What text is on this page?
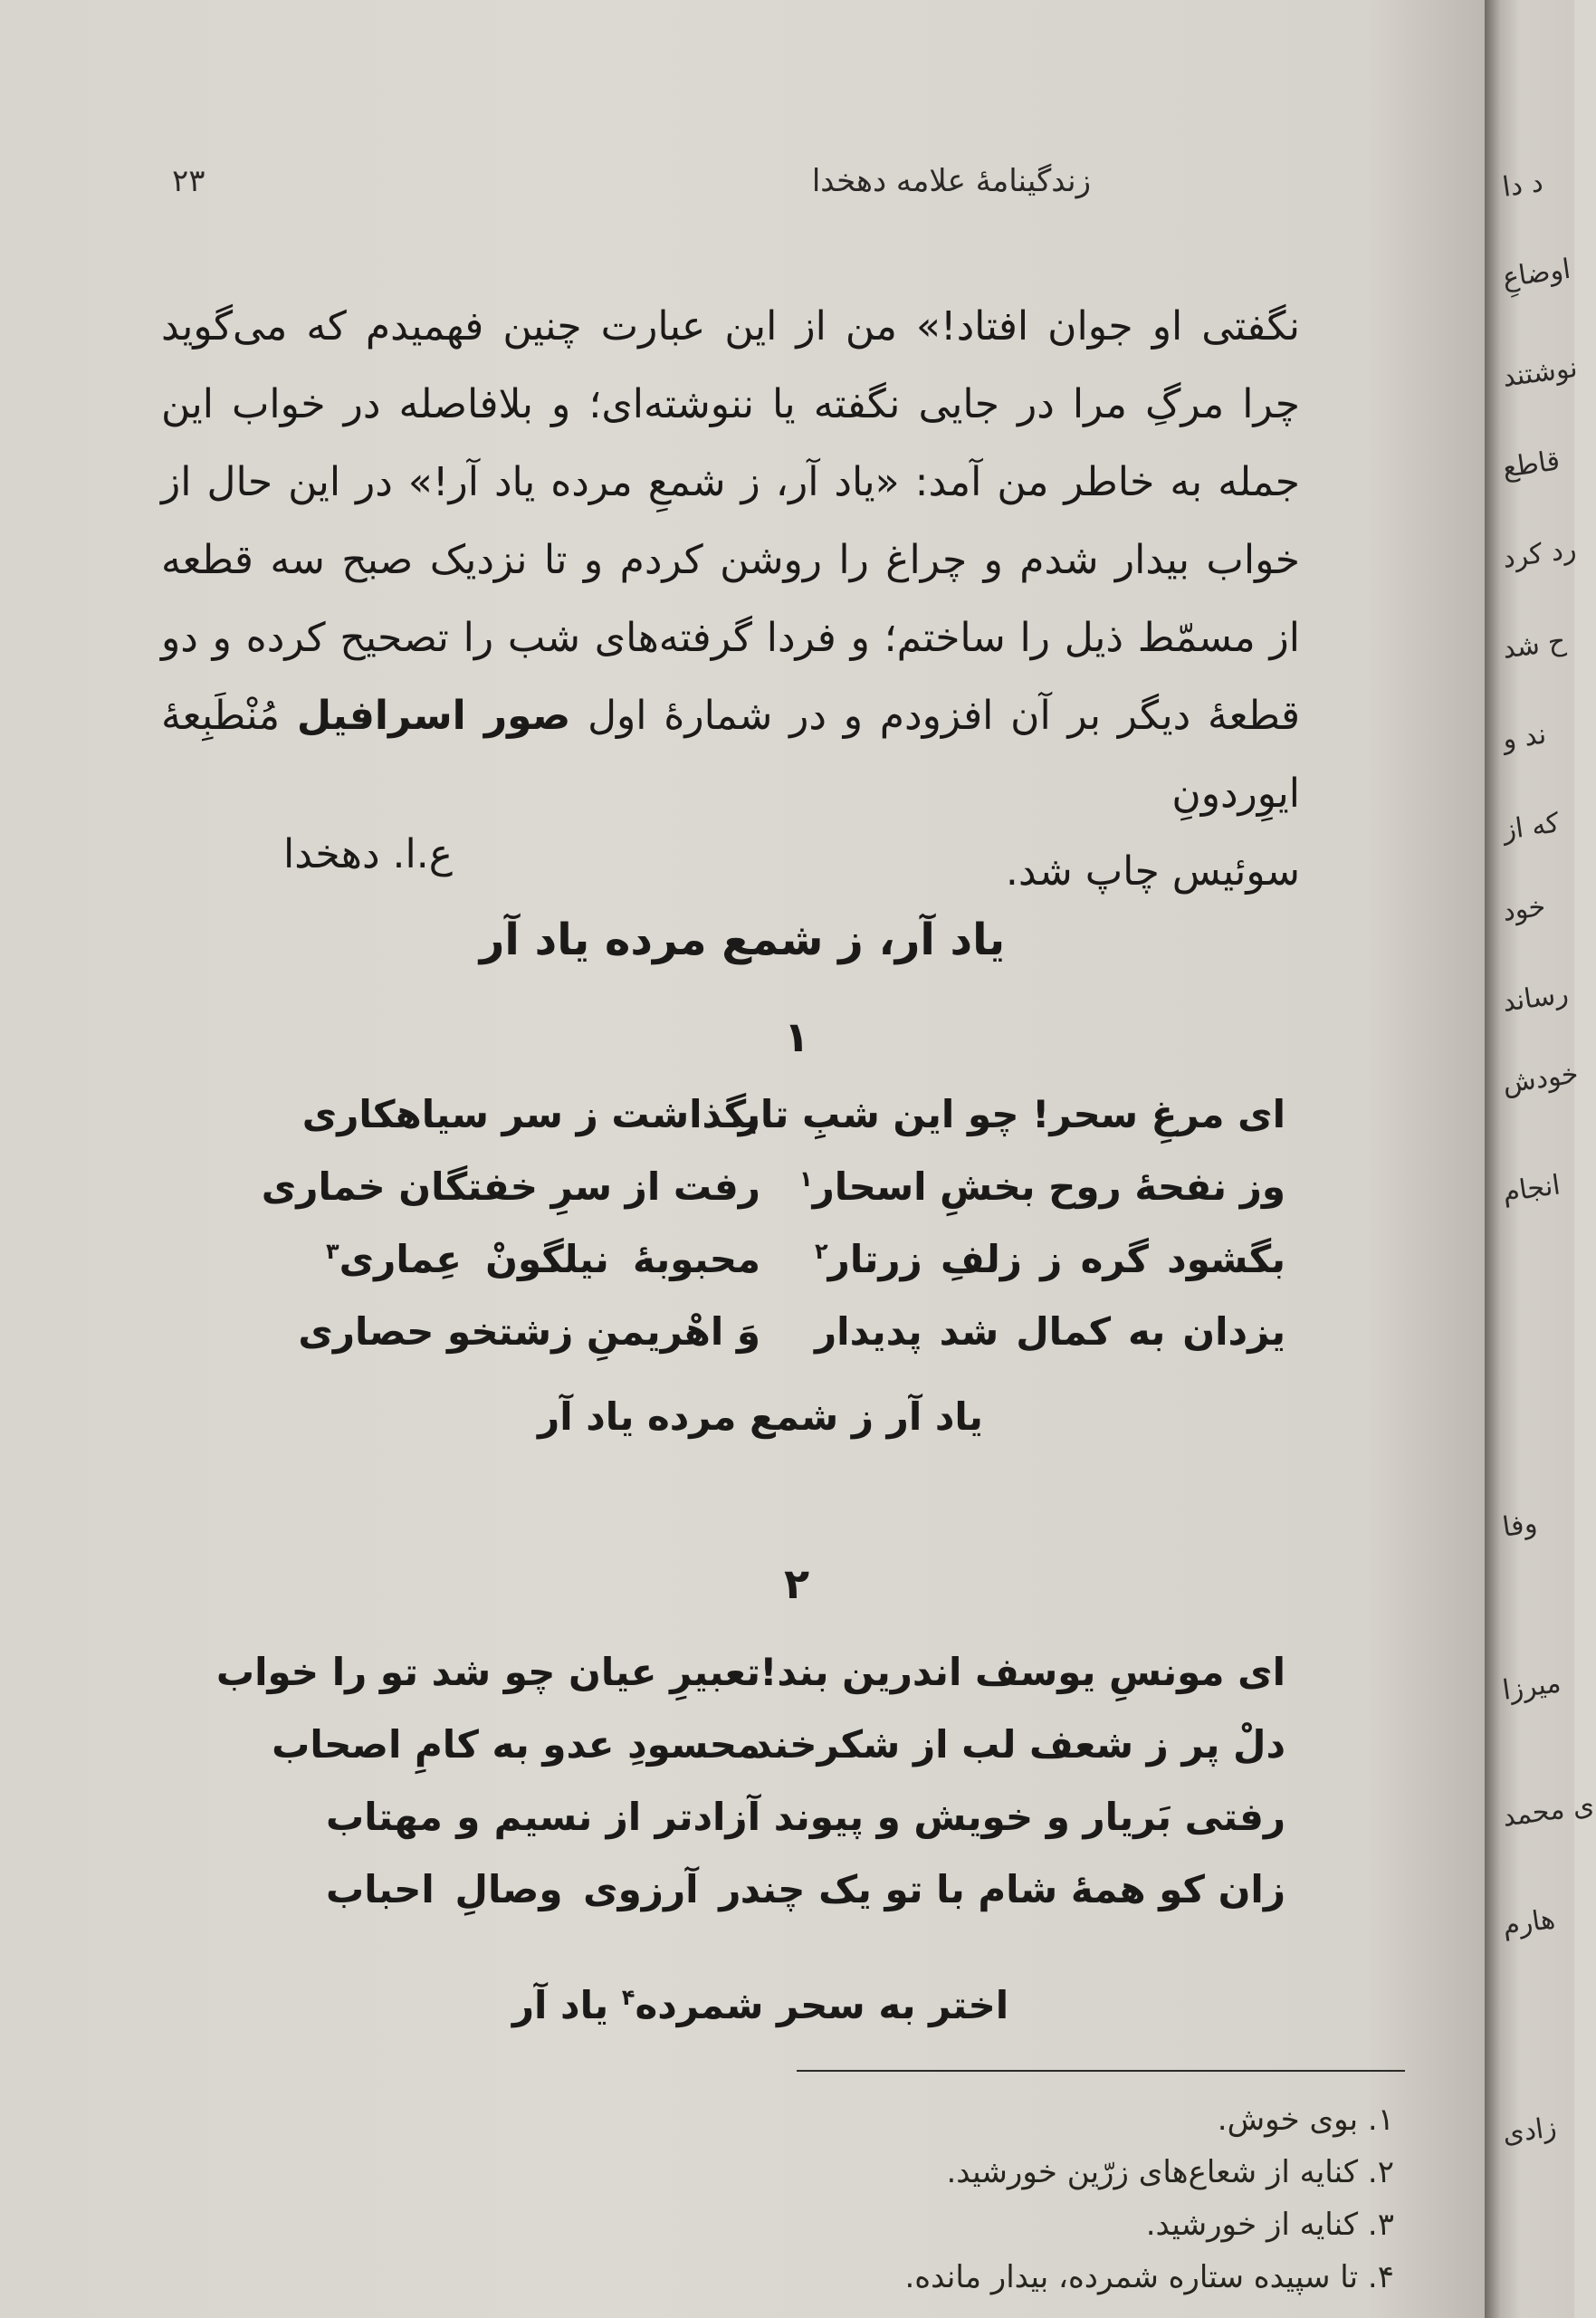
۲۳	زندگینامهٔ علامه دهخدا
نگفتی او جوان افتاد!» من از این عبارت چنین فهمیدم که می‌گوید
چرا مرگِ مرا در جایی نگفته یا ننوشته‌ای؛ و بلافاصله در خواب این
جمله به خاطر من آمد: «یاد آر، ز شمعِ مرده یاد آر!» در این حال از
خواب بیدار شدم و چراغ را روشن کردم و تا نزدیک صبح سه قطعه
از مسمّط ذیل را ساختم؛ و فردا گرفته‌های شب را تصحیح کرده و دو
قطعهٔ دیگر بر آن افزودم و در شمارهٔ اول صور اسرافیل مُنْطَبِعهٔ ایوِردونِ
سوئیس چاپ شد.
ع.ا. دهخدا
یاد آر، ز شمع مرده یاد آر
۱
ای مرغِ سحر! چو این شبِ تار
بگذاشت ز سر سیاهکاری
وز نفحهٔ روح بخشِ اسحار$^۱$
رفت از سرِ خفتگان خماری
بگشود گره ز زلفِ زرتار$^۲$
محبوبهٔ نیلگونْ عِماری$^۳$
یزدان به کمال شد پدیدار
وَ اهْریمنِ زشتخو حصاری
یاد آر ز شمع مرده یاد آر
۲
ای مونسِ یوسف اندرین بند!
تعبیرِ عیان چو شد تو را خواب
دلْ پر ز شعف لب از شکرخند
محسودِ عدو به کامِ اصحاب
رفتی بَریار و خویش و پیوند
آزادتر از نسیم و مهتاب
زان کو همهٔ شام با تو یک چند
در آرزوی وصالِ احباب
اختر به سحر شمرده$^۴$ یاد آر
۱. بوی خوش.
۲. کنایه از شعاع‌های زرّین خورشید.
۳. کنایه از خورشید.
۴. تا سپیده ستاره شمرده، بیدار مانده.
د دا
اوضاعِ
نوشتند
قاطع
رد کرد
ح شد
ند و
که از
خود
رساند
خودش
انجام
وفا
میرزا
ی محمد
هارم
زادی
